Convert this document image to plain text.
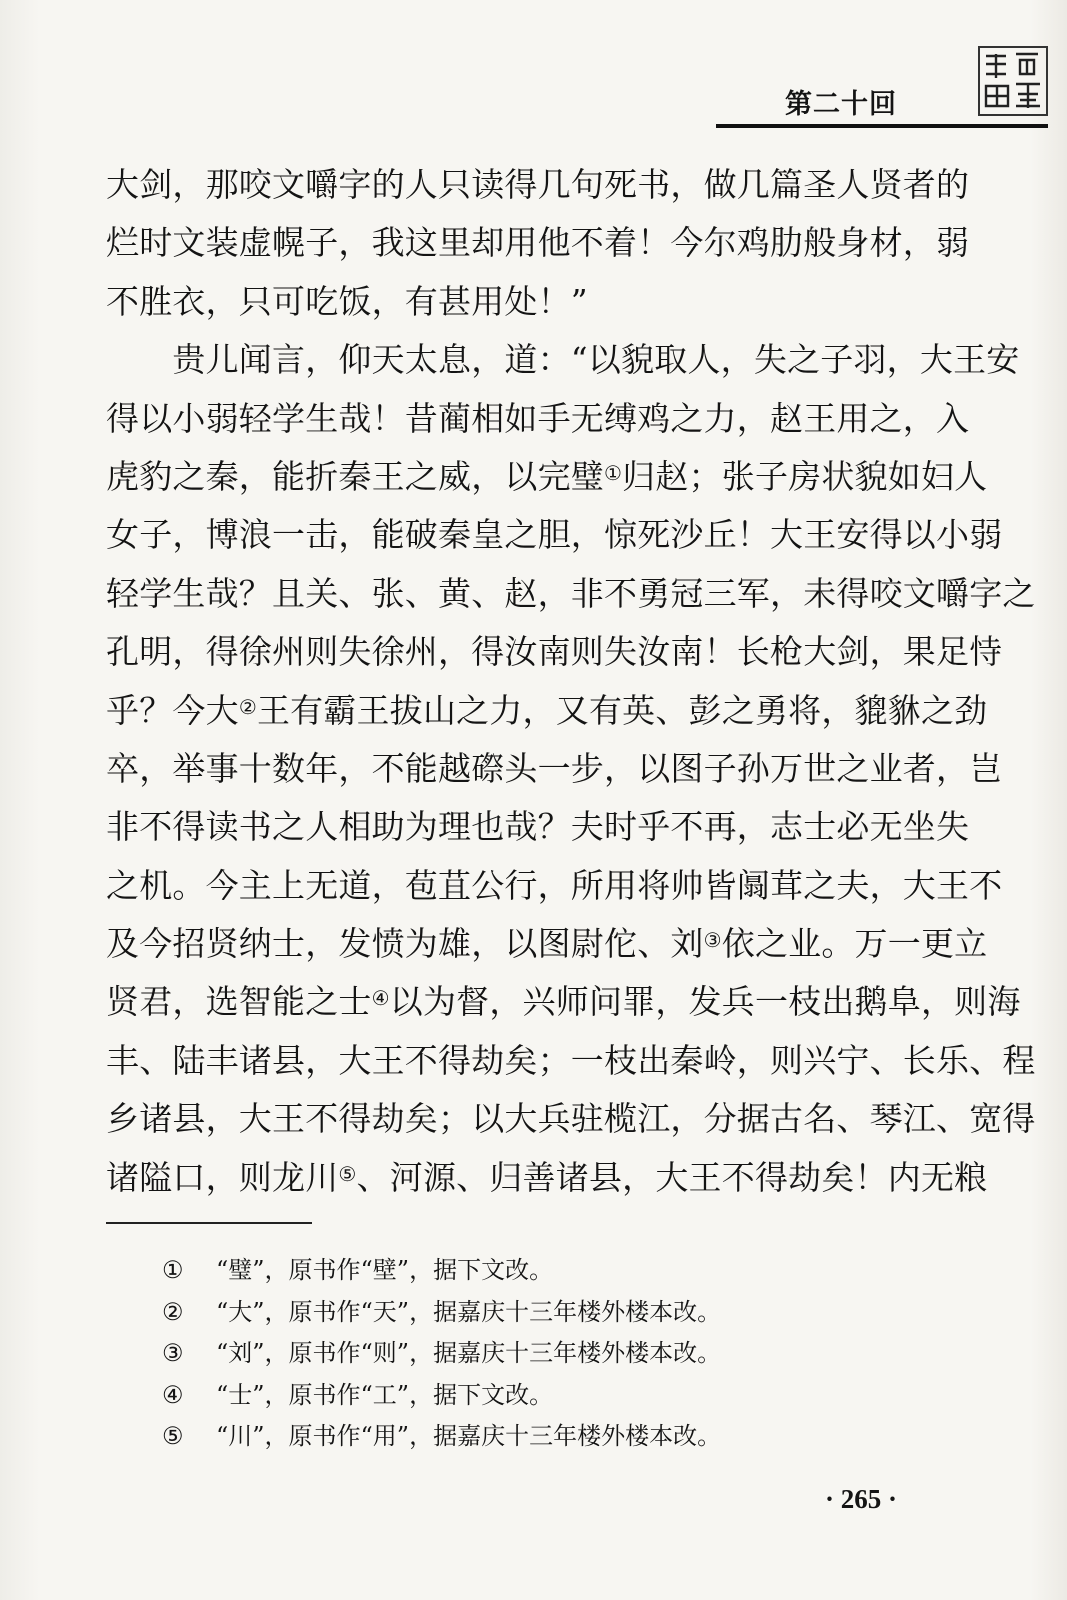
第二十回
大剑，那咬文嚼字的人只读得几句死书，做几篇圣人贤者的
烂时文装虚幌子，我这里却用他不着！今尔鸡肋般身材，弱
不胜衣，只可吃饭，有甚用处！”
　　贵儿闻言，仰天太息，道：“以貌取人，失之子羽，大王安
得以小弱轻学生哉！昔蔺相如手无缚鸡之力，赵王用之，入
虎豹之秦，能折秦王之威，以完璧①归赵；张子房状貌如妇人
女子，博浪一击，能破秦皇之胆，惊死沙丘！大王安得以小弱
轻学生哉？且关、张、黄、赵，非不勇冠三军，未得咬文嚼字之
孔明，得徐州则失徐州，得汝南则失汝南！长枪大剑，果足恃
乎？今大②王有霸王拔山之力，又有英、彭之勇将，貔貅之劲
卒，举事十数年，不能越磜头一步，以图子孙万世之业者，岂
非不得读书之人相助为理也哉？夫时乎不再，志士必无坐失
之机。今主上无道，苞苴公行，所用将帅皆阘茸之夫，大王不
及今招贤纳士，发愤为雄，以图尉佗、刘③依之业。万一更立
贤君，选智能之士④以为督，兴师问罪，发兵一枝出鹅阜，则海
丰、陆丰诸县，大王不得劫矣；一枝出秦岭，则兴宁、长乐、程
乡诸县，大王不得劫矣；以大兵驻榄江，分据古名、琴江、宽得
诸隘口，则龙川⑤、河源、归善诸县，大王不得劫矣！内无粮
① “璧”，原书作“壁”，据下文改。
② “大”，原书作“天”，据嘉庆十三年楼外楼本改。
③ “刘”，原书作“则”，据嘉庆十三年楼外楼本改。
④ “士”，原书作“工”，据下文改。
⑤ “川”，原书作“用”，据嘉庆十三年楼外楼本改。
· 265 ·
